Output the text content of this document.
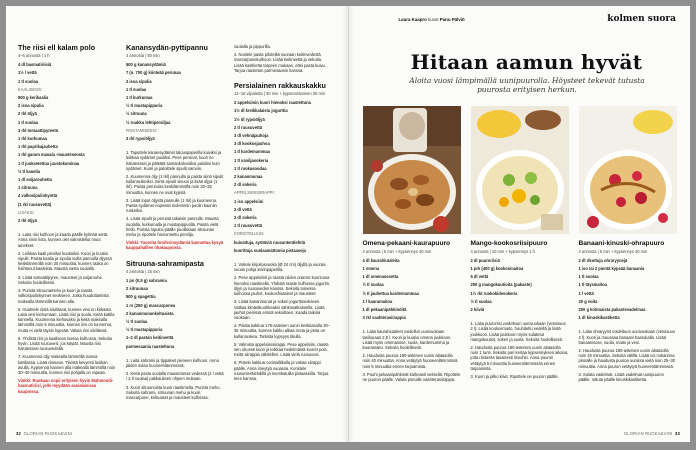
The riisi ell kalam polo
4–6 annosta | 1 h

4 dl basmatiriisiä

1½ l vettä

1 tl suolaa

KAALISEOS:

500 g kerikaalia

2 isoa sipulia

2 rkl öljyä

1 tl suolaa

3 rkl tomaattipyreetä

1 rkl kurkumaa

1 rkl paprikajauhetta

1 rkl garam masala -mausteseosta

1 tl juoksetettua juustokuminaa

½ tl kanelia

1 dl soijarouhetta

1 sitruuna

4 valkosipulinkynttä

(1 rkl ruusuvettä)

LISÄKSI:

2 rkl öljyä

1. Laita riisi kulhoon ja kaada päälle kylmää vettä. Anna riisin liota, kunnes olet valmistellut muut ainekset.

2. Leikkaa kaali pieniksi kuutioiksi. Kuori ja kuutioi sipulit. Paista kaalia ja sipulia isolla pannulla öljyssä keskilämmöllä noin 20 minuuttia, kunnes raaka on haihtunut kaaleista. Mausta vasta suolalla.

3. Lisää tomaattipyree, mausteet ja soijarouhe. Sekoita huolellisesti.

4. Purista sitruunamehu ja kuori ja raasta valkosipulinkynnet seokseen. Jotka huuduttamista makealla lämmöllä kannen alla.

5. Huuhtele riisiä siivilässä, kunnes vesi on kirkasta. Laita vesi kiehumaan. Lisää riisi ja suola. Keitä kattila kannella. Kuumenna kiehuvaksi ja keitä makealla lämmöllä noin 5 minuuttia, kunnes riisi on turvonnut, mutta ei vielä täysin kypsää. Valuta riisi siivilässä.

6. Yhdistä riisi ja kaaliseos isossa kulhossa. Sekoita hyvin. Lisää ruusuvesi, jos käytät. Mausta riisi halutessasi ruusuvedellä.

7. Kuumenna öljy makealla lämmöllä isossa kattilassa. Lisää riisiseos. Tiivistä kevyesti lusikan avulla. Kypsennä kannen alla makealla lämmöllä noin 30–40 minuuttia, kunnes riisi pohjalla on rapeaa.

Vinkki: Ruokaan sopii erityisen hyvin Mahmoodi-basmatiriisi, jolle myydään aasialaisissa kaupoissa.

Kanansydän-pyttipannu
4 annosta | 50 min

500 g kanansydämiä

7 (n. 700 g) kiinteää perunaa

2 isoa sipulia

1 tl suolaa

1 tl kurkumaa

½ tl mustapippuria

½ sitruuna

½ ruukku lehtipersiljaa

PAISTAMISEEN:

3 rkl rypsiöljyä

1. Taputtele kanansydämet talouspaperilla kuiviksi ja leikkaa sydämet puoliksi. Pese perunat, kuori ne halutessasi ja pätkätä samankokoisiksi paloiksi kuin sydämet. Kuori ja paloittele sipulit samoin.

2. Kuumenna öljy (1 rkl) pannulla ja paista siinä sipulit kullanruskeiksi. Siirrä sipulit sivuun ja lisää öljyä (1 rkl). Paista perunoita keskilämmöllä noin 20–25 minuuttia, kunnes ne ovat kypsiä.

3. Lisää loput öljystä pannulle (1 rkl) ja kuumenna. Paista sydämet nopeasti molemmin puolin kauniin ruskeiksi.

4. Lisää sipulit ja perunat takaisin pannulle. Mausta suolalla, kurkumalla ja mustapippurilla. Paista vielä hetki. Purista lopuksi päälle puolikkaan sitruunan mehu ja ripottele hienonnettu persilja.

Vinkki: Tuoreita broilerinsydämiä kannattaa kysyä kauppahallien lihakaupoista.

Sitruuna-sahramipasta
4 annosta | 15 min

1 pn (0,5 g) sahramia

2 sitruunaa

500 g spagettia

1 rs (250 g) mascarponea

2 kananmunankeltuaista

½ tl suolaa

½ tl mustapippuria

1–2 dl pastan keitinvettä

parmesaania raasteltuna

1. Laita sahrami ja tippaleet pieneen kulhoon. Anna jäiden sulaa huoneenlämmössä.

2. Keitä pasta suolalla maustetussa vedessä (2 l vettä / 2 tl suolaa) pakkauksen ohjeen mukaan.

3. Kuori sitruunoista kuori raastimella. Purista mehu. Sekoita sahrami, sitruunan mehu ja kuori, mascarpone, keltuaiset ja mausteet kulhossa.

suolalla ja pippurilla.

4. Nostele pasta pihdeillä suoraan keitinvedestä mascarponekulhoon. Lisää keitinvettä ja sekoita. Lisää kastiketta tarpeen mukaan, ettei pasta kuivu. Tarjoa raastetun parmesaanin kanssa.

Persialainen rakkauskakku
14–16 viipaletta | 30 min + kypsennäminen 30 min

2 appelsiinin kuori hienoksi raastettuna

1½ dl kreikkalaista jogurttia

1½ dl rypsiöljyä

2 tl ruusuvettä

3 dl vehnäjauhoja

3 dl kookosjauhoa

1 tl kardemummaa

1 tl vaniljasokeria

1 tl ruokasoodaa

2 kananmunaa

2 dl sokeria

APPELSIINISIIRAPPI:

1 iso appelsiini

2 dl vettä

2 dl sokeria

1 tl ruusuvettä

KORISTELUUN:

kuivattuja, syötäviä ruusunterälehtiä

kuorittuja suolaamattomia pistaaseja

1. Voitele kirjoitusvuoka (Ø 24 cm) öljyllä ja vuoraa vuoan pohja leivinpaperilla.

2. Pese appelsiinit ja raasta niiden oranssi kuorinosa hienoksi raastinella. Yhdistä raaste kulhossa jogurtin, öljyn ja ruusuveden kanssa. Sekoita toisessa kulhossa jauhot, kookoshiutaleet ja mausteet.

3. Lisää kananmunat ja sokeri jogurttiseokseen. Vatkaa kiinteäkuohkeaksi sähkövatkaimella. Lisää jauhot pienissä erissä sekoittaen. Kaada taikina vuokaan.

4. Paista kakkua 175-asteisen uunin keskitasolla 30–35 minuuttia, kunnes kakku alkaa irrota ja pinta on kullanruskea. Tarkista kypsyys tikulla.

5. Valmista appelsiinisiirappi. Pese appelsiini, raasta sen ohuesti kuori ja leikkaa hedelmästä kuoret pois. Keitä siirappia vähitellen. Lisää vielä ruusuvesi.

6. Pistele kakkua cocktailtikulla ja valuta siirappi päälle. Anna imeytyä vuoassa. Koristele ruusunterälehdillä ja murskatuilla pistaaseilla. Tarjoa teen kanssa.

32 GLORIAN RUOKA&VINI
Laura Kaapro kuvat Panu Pälviö	kolmen suora
Hitaan aamun hyvät
Aloita vuosi lämpimällä uunipuurolla. Höysteet tekevät tutusta puurosta erityisen herkun.
Omena-pekaani-kaurapuuro
4 annosta | 5 min + kypsennys 40 min

4 dl kaurahiutaleita

1 omena

1 dl omenasosetta

½ tl suolaa

½ tl jauhettua kardemummaa

1 l kauramaitoa

1 dl pekaanipähkinöitä

3 rkl vaahterasiirappia

1. Laita kaurahiutaleet voidellun uunivuokaan tasilouaan 2,5 l. Kuori ja kuutioi omena joukkoon. Lisää myös omenasose, suola, kardemumma ja kauramaito. Sekoita huolellisesti.

2. Haudusta puuroa 180-asteisen uunin alatasolla noin 40 minuuttia. Anna vetäytyä huoneenlämmössä noin 5 minuuttia ennen tarjoamista.

3. Pouhi pekaanipähkinät karkeasti veitsellä. Ripottele ne puuron päälle. Valuta pinnalle vaahterasiirappia.

Mango-kookosriisipuuro
4 annosta | 10 min + kypsennys 1 h

2 dl puuroriisiä

1 prk (400 g) kookosmaitoa

5 dl vettä

200 g mangokuutioita (pakaste)

1½ rkl ruokokidesokeria

½ tl suolaa

2 kiiviä

1. Laita puuroriisi voideltuun uunivuokaan (vetoisuus 2 l). Lisää kookosmaito, huuhdeltu vedellä ja lisää joukkoon. Lisää joukkoon myös sulatetut mangokuutiot, sokeri ja suola. Sekoita huolellisesti.

2. Haudusta puuroa 180-asteisen uunin alatasolla noin 1 tunti. Sekoita pari kertaa kypsennyksen aikana, jotta riisiteräs tasaisesti riisuihin. Anna puuron vetäytyä 5 minuuttia huoneenlämmössä ennen tarjoamista.

3. Kuori ja pilko kiivit. Ripottele ne puuron päälle.

Banaani-kinuski-ohrapuuro
4 annosta | 5 min + kypsennys 40 min

2 dl rikottuja ohraryynejä

1 iso tai 2 pientä kypsää banaania

1 tl suolaa

1 tl täysmaitoa

1 l vettä

20 g voita

200 g kotimaista pakastevadelmaa

1 dl kinuskikastiketta

1. Laita ohraryynit voideltuun uunivuokaan (vetoisuus 2 l). Kuori ja muussaa banaani haarukalla. Lisää banaanisose, suola, maito ja vesi.

2. Haudusta puuroa 180-asteisen uunin alatasolla noin 40 minuuttia. Sekoita välillä. Lisää voi nokareina pinnalle ja haudusta puuroa uunissa vielä noin 25–30 minuuttia. Anna puuron vetäytyä huoneenlämmössä.

3. Sulata vadelmat. Lisää vadelmat uunipuuron päälle. Valuta päälle kinuskikastiketta.

GLORIAN RUOKA&VINI 33
